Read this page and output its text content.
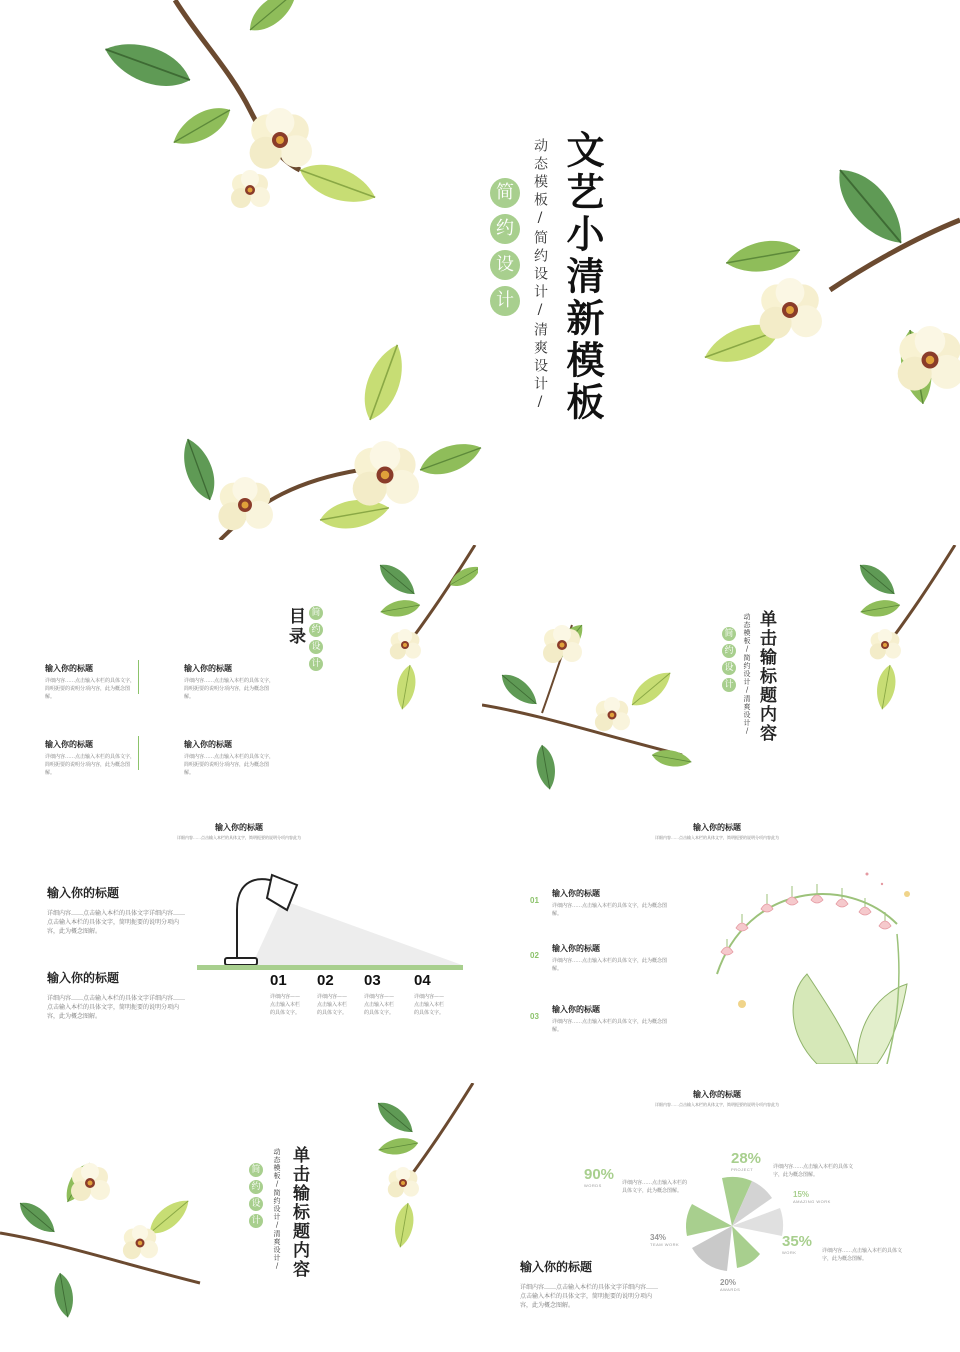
文艺小清新模板
动态模板/简约设计/清爽设计/
简
约
设
计
目录 简
约
设
计
输入你的标题
详细内容……点击输入本栏的具体文字，简明扼要的说明分项内容，此为概念图解。
输入你的标题
详细内容……点击输入本栏的具体文字，简明扼要的说明分项内容，此为概念图解。
输入你的标题
详细内容……点击输入本栏的具体文字，简明扼要的说明分项内容，此为概念图解。
输入你的标题
详细内容……点击输入本栏的具体文字，简明扼要的说明分项内容，此为概念图解。
单击输标题内容
动态模板/简约设计/清爽设计/
简
约
设
计
输入你的标题
详细内容……点击输入本栏的具体文字，简明扼要的说明分项内容此为
输入你的标题
详细内容……点击输入本栏的具体文字详细内容……点击输入本栏的具体文字，简明扼要的说明分项内容，此为概念图解。
输入你的标题
详细内容……点击输入本栏的具体文字详细内容……点击输入本栏的具体文字，简明扼要的说明分项内容，此为概念图解。
01
详细内容——点击输入本栏的具体文字。
02
详细内容——点击输入本栏的具体文字。
03
详细内容——点击输入本栏的具体文字。
04
详细内容——点击输入本栏的具体文字。
输入你的标题
详细内容……点击输入本栏的具体文字，简明扼要的说明分项内容此为
01
输入你的标题
详细内容……点击输入本栏的具体文字，此为概念图解。
02
输入你的标题
详细内容……点击输入本栏的具体文字，此为概念图解。
03
输入你的标题
详细内容……点击输入本栏的具体文字，此为概念图解。
单击输标题内容
动态模板/简约设计/清爽设计/
简
约
设
计
输入你的标题
详细内容……点击输入本栏的具体文字，简明扼要的说明分项内容此为
90%
WORDS	详细内容……点击输入本栏的具体文字，此为概念图解。
28%
PROJECT	详细内容……点击输入本栏的具体文字，此为概念图解。
15%
AMAZING WORK
35%
WORK	详细内容……点击输入本栏的具体文字，此为概念图解。
34%
TEAM WORK
20%
AWARDS
输入你的标题
详细内容……点击输入本栏的具体文字详细内容……点击输入本栏的具体文字，简明扼要的说明分项内容，此为概念图解。
